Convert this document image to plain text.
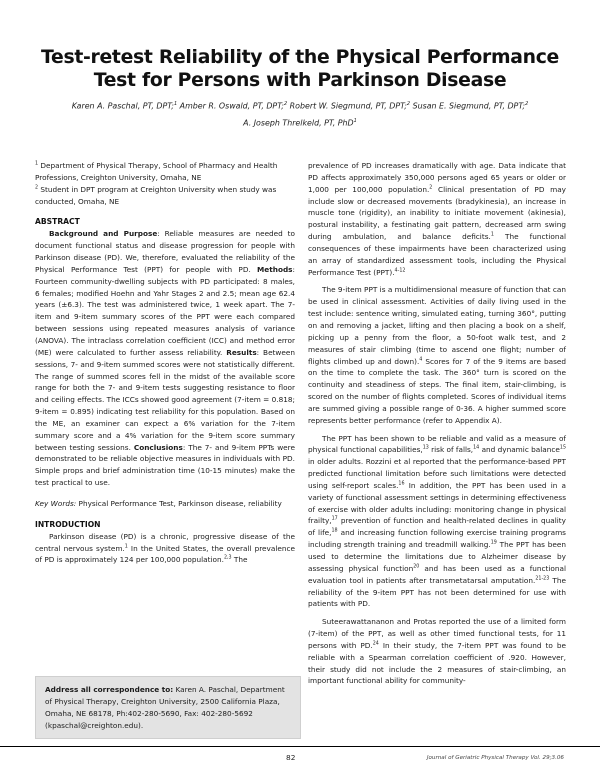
Test-retest Reliability of the Physical Performance
Test for Persons with Parkinson Disease
Karen A. Paschal, PT, DPT;$^1$ Amber R. Oswald, PT, DPT;$^2$ Robert W. Siegmund, PT, DPT;$^2$ Susan E. Siegmund, PT, DPT;$^2$
A. Joseph Threlkeld, PT, PhD$^1$

$^1$ Department of Physical Therapy, School of Pharmacy and Health Professions, Creighton University, Omaha, NE

$^2$ Student in DPT program at Creighton University when study was conducted, Omaha, NE

ABSTRACT

Background and Purpose: Reliable measures are needed to document functional status and disease progression for people with Parkinson disease (PD). We, therefore, evaluated the reliability of the Physical Performance Test (PPT) for people with PD. Methods: Fourteen community-dwelling subjects with PD participated: 8 males, 6 females; modified Hoehn and Yahr Stages 2 and 2.5; mean age 62.4 years (±6.3). The test was administered twice, 1 week apart. The 7-item and 9-item summary scores of the PPT were each compared between sessions using repeated measures analysis of variance (ANOVA). The intraclass correlation coefficient (ICC) and method error (ME) were calculated to further assess reliability. Results: Between sessions, 7- and 9-item summed scores were not statistically different. The range of summed scores fell in the midst of the available score range for both the 7- and 9-item tests suggesting resistance to floor and ceiling effects. The ICCs showed good agreement (7-item = 0.818; 9-item = 0.895) indicating test reliability for this population. Based on the ME, an examiner can expect a 6% variation for the 7-item summary score and a 4% variation for the 9-item score summary between testing sessions. Conclusions: The 7- and 9-item PPTs were demonstrated to be reliable objective measures in individuals with PD. Simple props and brief administration time (10-15 minutes) make the test practical to use.

Key Words: Physical Performance Test, Parkinson disease, reliability

INTRODUCTION

Parkinson disease (PD) is a chronic, progressive disease of the central nervous system.$^1$ In the United States, the overall prevalence of PD is approximately 124 per 100,000 population.$^{2,3}$ The

Address all correspondence to: Karen A. Paschal, Department of Physical Therapy, Creighton University, 2500 California Plaza, Omaha, NE 68178, Ph:402-280-5690, Fax: 402-280-5692 (kpaschal@creighton.edu).

prevalence of PD increases dramatically with age. Data indicate that PD affects approximately 350,000 persons aged 65 years or older or 1,000 per 100,000 population.$^2$ Clinical presentation of PD may include slow or decreased movements (bradykinesia), an increase in muscle tone (rigidity), an inability to initiate movement (akinesia), postural instability, a festinating gait pattern, decreased arm swing during ambulation, and balance deficits.$^1$ The functional consequences of these impairments have been characterized using an array of standardized assessment tools, including the Physical Performance Test (PPT).$^{4-12}$

The 9-item PPT is a multidimensional measure of function that can be used in clinical assessment. Activities of daily living used in the test include: sentence writing, simulated eating, turning 360°, putting on and removing a jacket, lifting and then placing a book on a shelf, picking up a penny from the floor, a 50-foot walk test, and 2 measures of stair climbing (time to ascend one flight; number of flights climbed up and down).$^4$ Scores for 7 of the 9 items are based on the time to complete the task. The 360° turn is scored on the continuity and steadiness of steps. The final item, stair-climbing, is scored on the number of flights completed. Scores of individual items are summed giving a possible range of 0-36. A higher summed score represents better performance (refer to Appendix A).

The PPT has been shown to be reliable and valid as a measure of physical functional capabilities,$^{13}$ risk of falls,$^{14}$ and dynamic balance$^{15}$ in older adults. Rozzini et al reported that the performance-based PPT predicted functional limitation before such limitations were detected using self-report scales.$^{16}$ In addition, the PPT has been used in a variety of functional assessment settings in determining effectiveness of exercise with older adults including: monitoring change in physical frailty,$^{17}$ prevention of function and health-related declines in quality of life,$^{18}$ and increasing function following exercise training programs including strength training and treadmill walking.$^{19}$ The PPT has been used to determine the limitations due to Alzheimer disease by assessing physical function$^{20}$ and has been used as a functional evaluation tool in patients after transmetatarsal amputation.$^{21-23}$ The reliability of the 9-item PPT has not been determined for use with patients with PD.

Suteerawattananon and Protas reported the use of a limited form (7-item) of the PPT, as well as other timed functional tests, for 11 persons with PD.$^{24}$ In their study, the 7-item PPT was found to be reliable with a Spearman correlation coefficient of .920. However, their study did not include the 2 measures of stair-climbing, an important functional ability for community-

82	Journal of Geriatric Physical Therapy Vol. 29;3.06
